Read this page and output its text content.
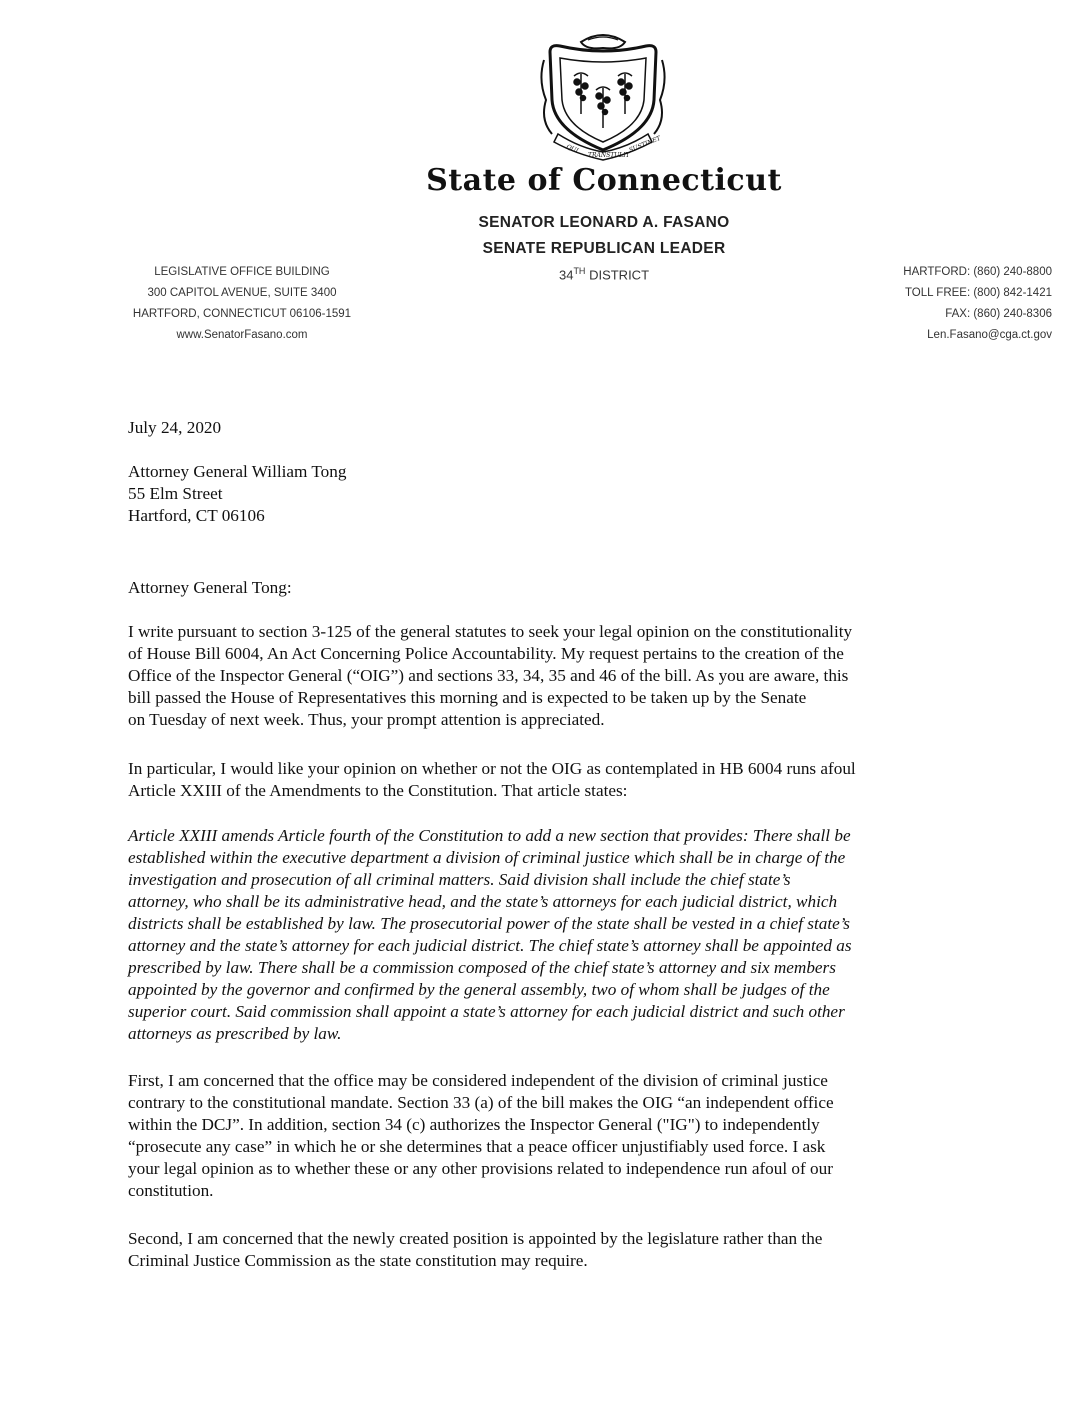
QUI
TRANSTULIT
SUSTINET
State of Connecticut
SENATOR LEONARD A. FASANO
SENATE REPUBLICAN LEADER
34TH DISTRICT
LEGISLATIVE OFFICE BUILDING
300 CAPITOL AVENUE, SUITE 3400
HARTFORD, CONNECTICUT 06106-1591
www.SenatorFasano.com
HARTFORD: (860) 240-8800
TOLL FREE: (800) 842-1421
FAX: (860) 240-8306
Len.Fasano@cga.ct.gov
July 24, 2020
Attorney General William Tong
55 Elm Street
Hartford, CT 06106
Attorney General Tong:
I write pursuant to section 3-125 of the general statutes to seek your legal opinion on the constitutionality
of House Bill 6004, An Act Concerning Police Accountability. My request pertains to the creation of the
Office of the Inspector General (“OIG”) and sections 33, 34, 35 and 46 of the bill. As you are aware, this
bill passed the House of Representatives this morning and is expected to be taken up by the Senate
on Tuesday of next week. Thus, your prompt attention is appreciated.
In particular, I would like your opinion on whether or not the OIG as contemplated in HB 6004 runs afoul
Article XXIII of the Amendments to the Constitution. That article states:
Article XXIII amends Article fourth of the Constitution to add a new section that provides: There shall be
established within the executive department a division of criminal justice which shall be in charge of the
investigation and prosecution of all criminal matters. Said division shall include the chief state’s
attorney, who shall be its administrative head, and the state’s attorneys for each judicial district, which
districts shall be established by law. The prosecutorial power of the state shall be vested in a chief state’s
attorney and the state’s attorney for each judicial district. The chief state’s attorney shall be appointed as
prescribed by law. There shall be a commission composed of the chief state’s attorney and six members
appointed by the governor and confirmed by the general assembly, two of whom shall be judges of the
superior court. Said commission shall appoint a state’s attorney for each judicial district and such other
attorneys as prescribed by law.
First, I am concerned that the office may be considered independent of the division of criminal justice
contrary to the constitutional mandate. Section 33 (a) of the bill makes the OIG “an independent office
within the DCJ”. In addition, section 34 (c) authorizes the Inspector General ("IG") to independently
“prosecute any case” in which he or she determines that a peace officer unjustifiably used force. I ask
your legal opinion as to whether these or any other provisions related to independence run afoul of our
constitution.
Second, I am concerned that the newly created position is appointed by the legislature rather than the
Criminal Justice Commission as the state constitution may require.
